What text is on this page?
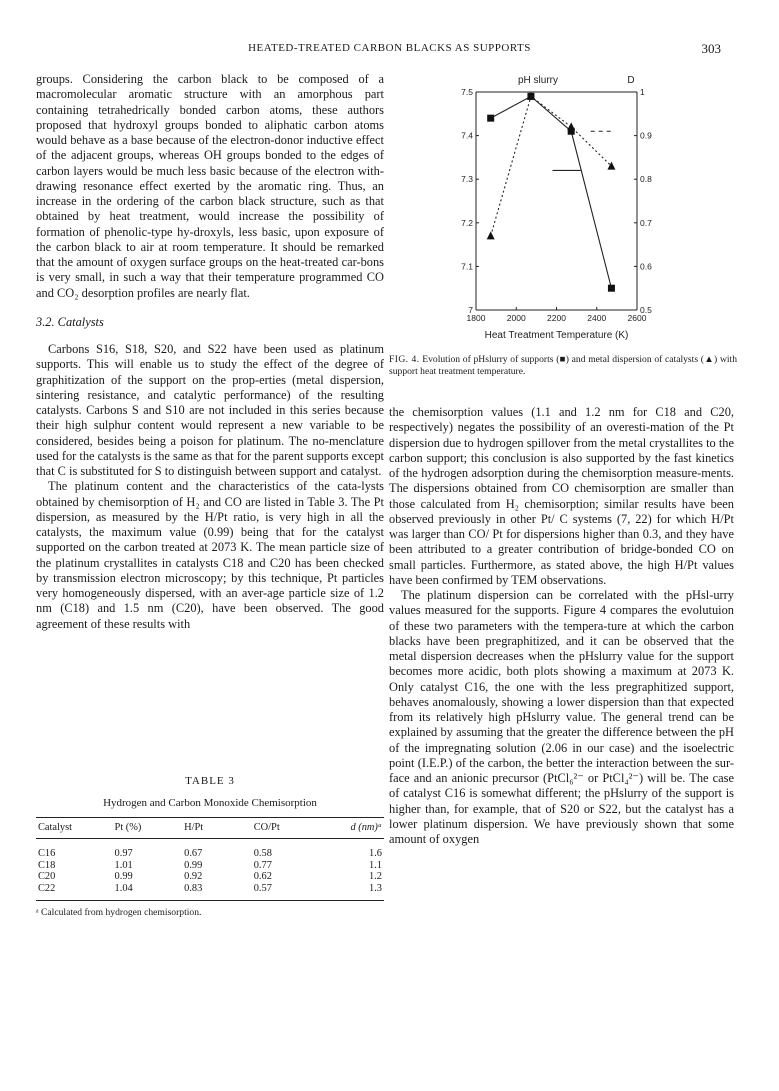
HEATED-TREATED CARBON BLACKS AS SUPPORTS	303

groups. Considering the carbon black to be composed of a macromolecular aromatic structure with an amorphous part containing tetrahedrically bonded carbon atoms, these authors proposed that hydroxyl groups bonded to aliphatic carbon atoms would behave as a base because of the electron-donor inductive effect of the adjacent groups, whereas OH groups bonded to the edges of carbon layers would be much less basic because of the electron with-drawing resonance effect exerted by the aromatic ring. Thus, an increase in the ordering of the carbon black structure, such as that obtained by heat treatment, would increase the possibility of formation of phenolic-type hy-droxyls, less basic, upon exposure of the carbon black to air at room temperature. It should be remarked that the amount of oxygen surface groups on the heat-treated car-bons is very small, in such a way that their temperature programmed CO and CO₂ desorption profiles are nearly flat.

3.2. Catalysts

Carbons S16, S18, S20, and S22 have been used as platinum supports. This will enable us to study the effect of the degree of graphitization of the support on the prop-erties (metal dispersion, sintering resistance, and catalytic performance) of the resulting catalysts. Carbons S and S10 are not included in this series because their high sulphur content would represent a new variable to be considered, besides being a poison for platinum. The no-menclature used for the catalysts is the same as that for the parent supports except that C is substituted for S to distinguish between support and catalyst.

The platinum content and the characteristics of the cata-lysts obtained by chemisorption of H₂ and CO are listed in Table 3. The Pt dispersion, as measured by the H/Pt ratio, is very high in all the catalysts, the maximum value (0.99) being that for the catalyst supported on the carbon treated at 2073 K. The mean particle size of the platinum crystallites in catalysts C18 and C20 has been checked by transmission electron microscopy; by this technique, Pt particles very homogeneously dispersed, with an aver-age particle size of 1.2 nm (C18) and 1.5 nm (C20), have been observed. The good agreement of these results with

1800	2000	2200	2400	2600
7
7.1
7.2
7.3
7.4
7.5
0.5
0.6
0.7
0.8
0.9
1
Heat Treatment Temperature (K)
pH slurry	D
FIG. 4. Evolution of pHslurry of supports (■) and metal dispersion of catalysts (▲) with support heat treatment temperature.

the chemisorption values (1.1 and 1.2 nm for C18 and C20, respectively) negates the possibility of an overesti-mation of the Pt dispersion due to hydrogen spillover from the metal crystallites to the carbon support; this conclusion is also supported by the fast kinetics of the hydrogen adsorption during the chemisorption measure-ments. The dispersions obtained from CO chemisorption are smaller than those calculated from H₂ chemisorption; similar results have been observed previously in other Pt/ C systems (7, 22) for which H/Pt was larger than CO/ Pt for dispersions higher than 0.3, and they have been attributed to a greater contribution of bridge-bonded CO on small particles. Furthermore, as stated above, the high H/Pt values have been confirmed by TEM observations.

The platinum dispersion can be correlated with the pHsl-urry values measured for the supports. Figure 4 compares the evolutuion of these two parameters with the tempera-ture at which the carbon blacks have been pregraphitized, and it can be observed that the metal dispersion decreases when the pHslurry value for the support becomes more acidic, both plots showing a maximum at 2073 K. Only catalyst C16, the one with the less pregraphitized support, behaves anomalously, showing a lower dispersion than that expected from its relatively high pHslurry value. The general trend can be explained by assuming that the greater the difference between the pH of the impregnating solution (2.06 in our case) and the isoelectric point (I.E.P.) of the carbon, the better the interaction between the sur-face and an anionic precursor (PtCl₆²⁻ or PtCl₄²⁻) will be. The case of catalyst C16 is somewhat different; the pHslurry of the support is higher than, for example, that of S20 or S22, but the catalyst has a lower platinum dispersion. We have previously shown that some amount of oxygen

TABLE 3
Hydrogen and Carbon Monoxide Chemisorption
Catalyst	Pt (%)	H/Pt	CO/Pt	d (nm)ᵃ
C16	0.97	0.67	0.58	1.6
C18	1.01	0.99	0.77	1.1
C20	0.99	0.92	0.62	1.2
C22	1.04	0.83	0.57	1.3
ᵃ Calculated from hydrogen chemisorption.
